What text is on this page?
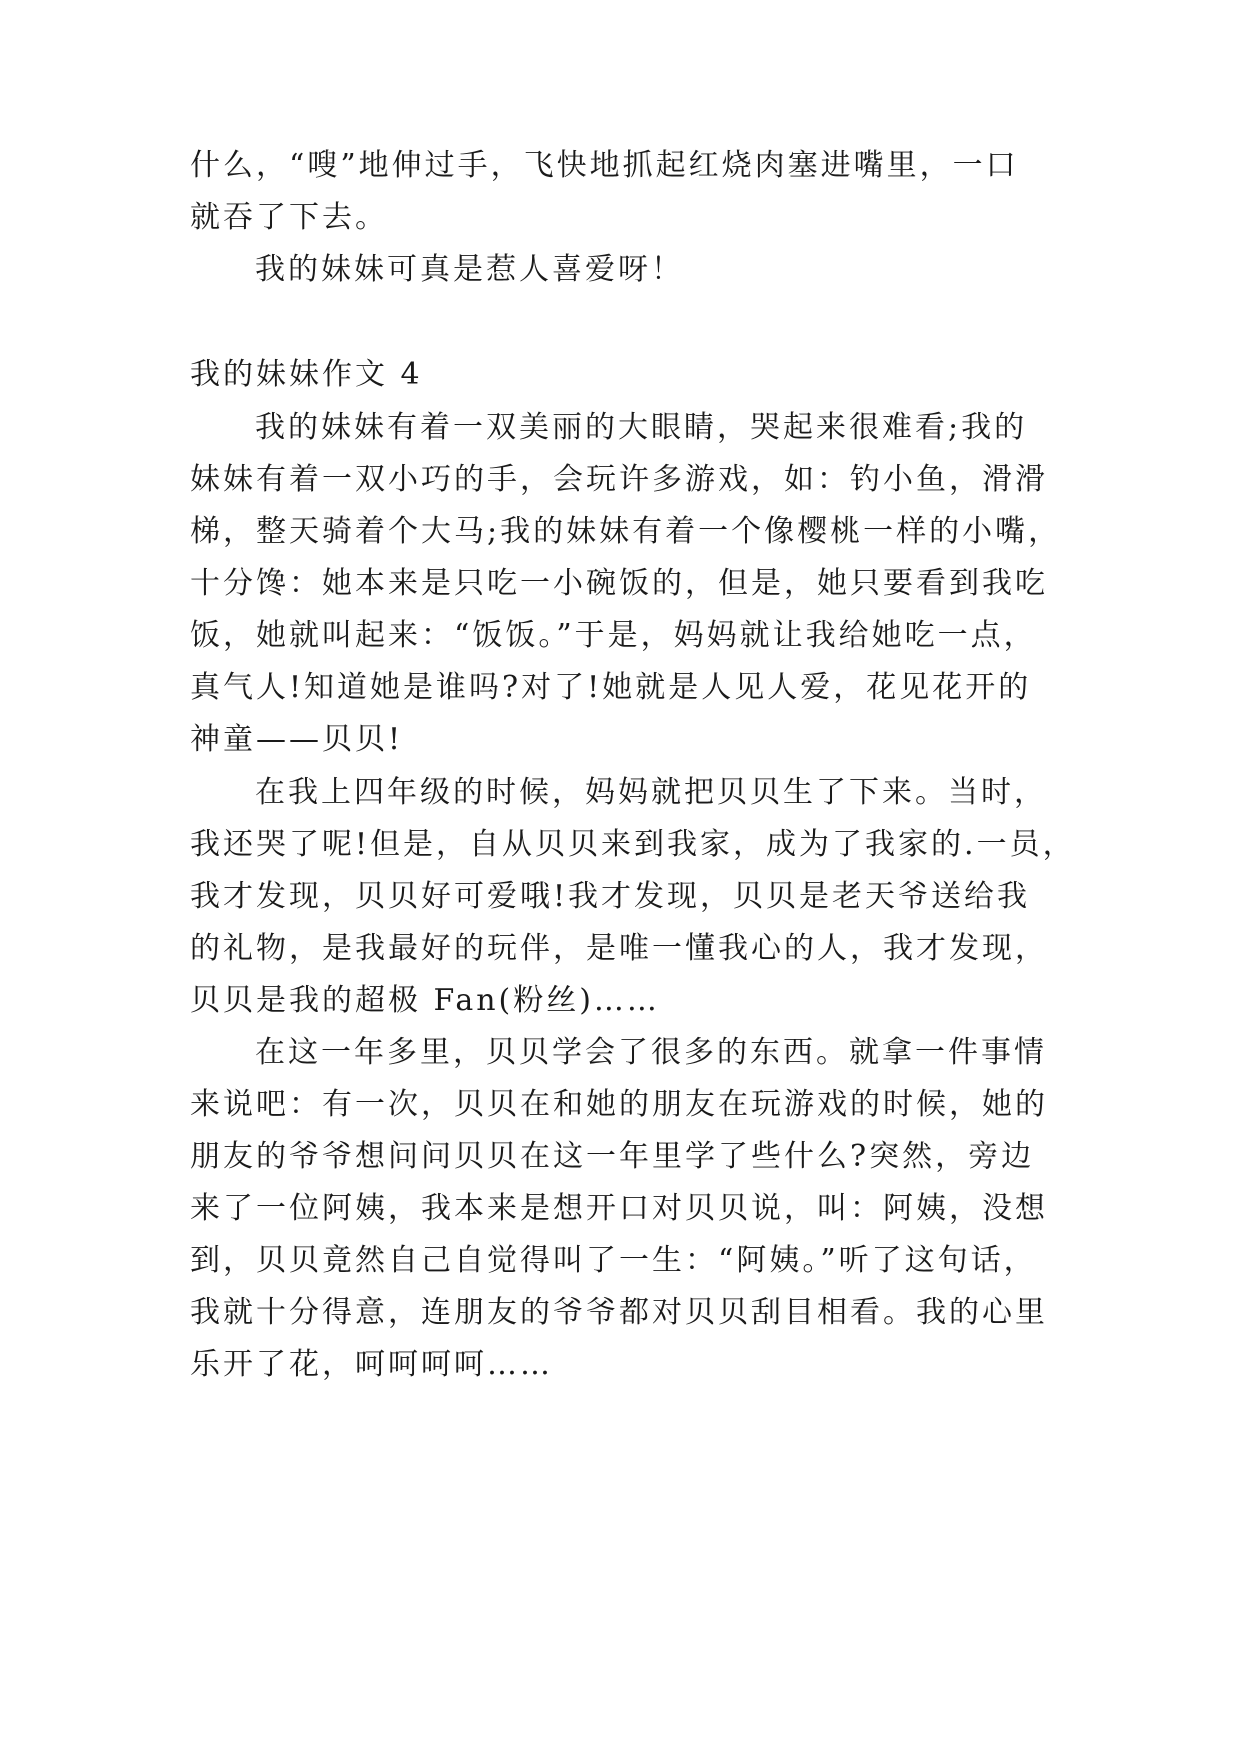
什么，“嗖”地伸过手，飞快地抓起红烧肉塞进嘴里，一口
就吞了下去。
我的妹妹可真是惹人喜爱呀！
我的妹妹作文 4
我的妹妹有着一双美丽的大眼睛，哭起来很难看;我的
妹妹有着一双小巧的手，会玩许多游戏，如：钓小鱼，滑滑
梯，整天骑着个大马;我的妹妹有着一个像樱桃一样的小嘴，
十分馋：她本来是只吃一小碗饭的，但是，她只要看到我吃
饭，她就叫起来：“饭饭。”于是，妈妈就让我给她吃一点，
真气人!知道她是谁吗?对了!她就是人见人爱，花见花开的
神童——贝贝!
在我上四年级的时候，妈妈就把贝贝生了下来。当时，
我还哭了呢!但是，自从贝贝来到我家，成为了我家的.一员，
我才发现，贝贝好可爱哦!我才发现，贝贝是老天爷送给我
的礼物，是我最好的玩伴，是唯一懂我心的人，我才发现，
贝贝是我的超极 Fan(粉丝)……
在这一年多里，贝贝学会了很多的东西。就拿一件事情
来说吧：有一次，贝贝在和她的朋友在玩游戏的时候，她的
朋友的爷爷想问问贝贝在这一年里学了些什么?突然，旁边
来了一位阿姨，我本来是想开口对贝贝说，叫：阿姨，没想
到，贝贝竟然自己自觉得叫了一生：“阿姨。”听了这句话，
我就十分得意，连朋友的爷爷都对贝贝刮目相看。我的心里
乐开了花，呵呵呵呵……
